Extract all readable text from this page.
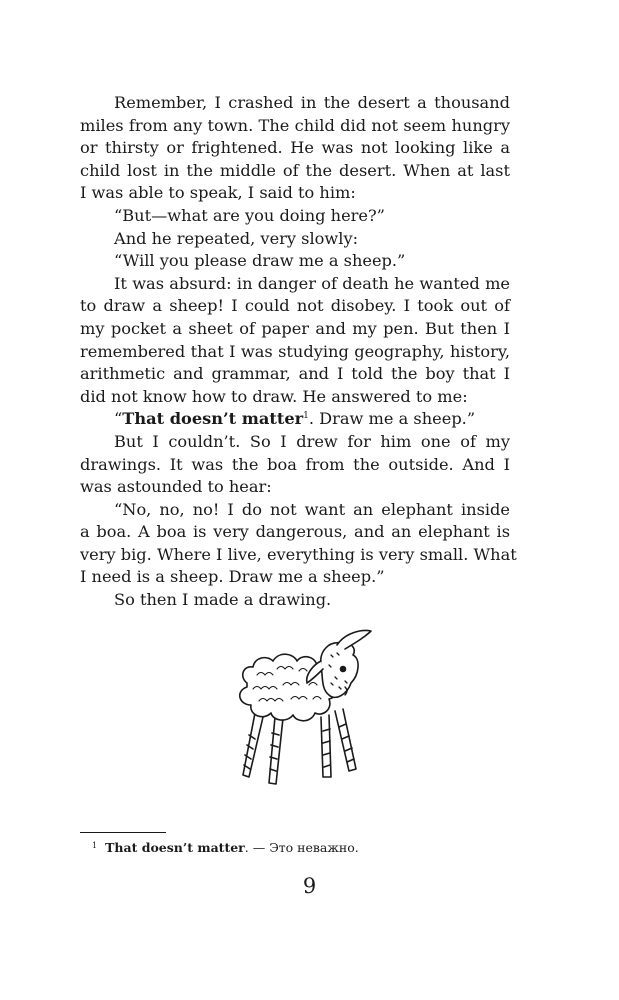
Remember, I crashed in the desert a thousand
miles from any town. The child did not seem hungry
or thirsty or frightened. He was not looking like a
child lost in the middle of the desert. When at last
I was able to speak, I said to him:
“But—what are you doing here?”
And he repeated, very slowly:
“Will you please draw me a sheep.”
It was absurd: in danger of death he wanted me
to draw a sheep! I could not disobey. I took out of
my pocket a sheet of paper and my pen. But then I
remembered that I was studying geography, history,
arithmetic and grammar, and I told the boy that I
did not know how to draw. He answered to me:
“That doesn’t matter$^1$. Draw me a sheep.”
But I couldn’t. So I drew for him one of my
drawings. It was the boa from the outside. And I
was astounded to hear:
“No, no, no! I do not want an elephant inside
a boa. A boa is very dangerous, and an elephant is
very big. Where I live, everything is very small. What
I need is a sheep. Draw me a sheep.”
So then I made a drawing.
$^1$ That doesn’t matter. — Это неважно.
9
